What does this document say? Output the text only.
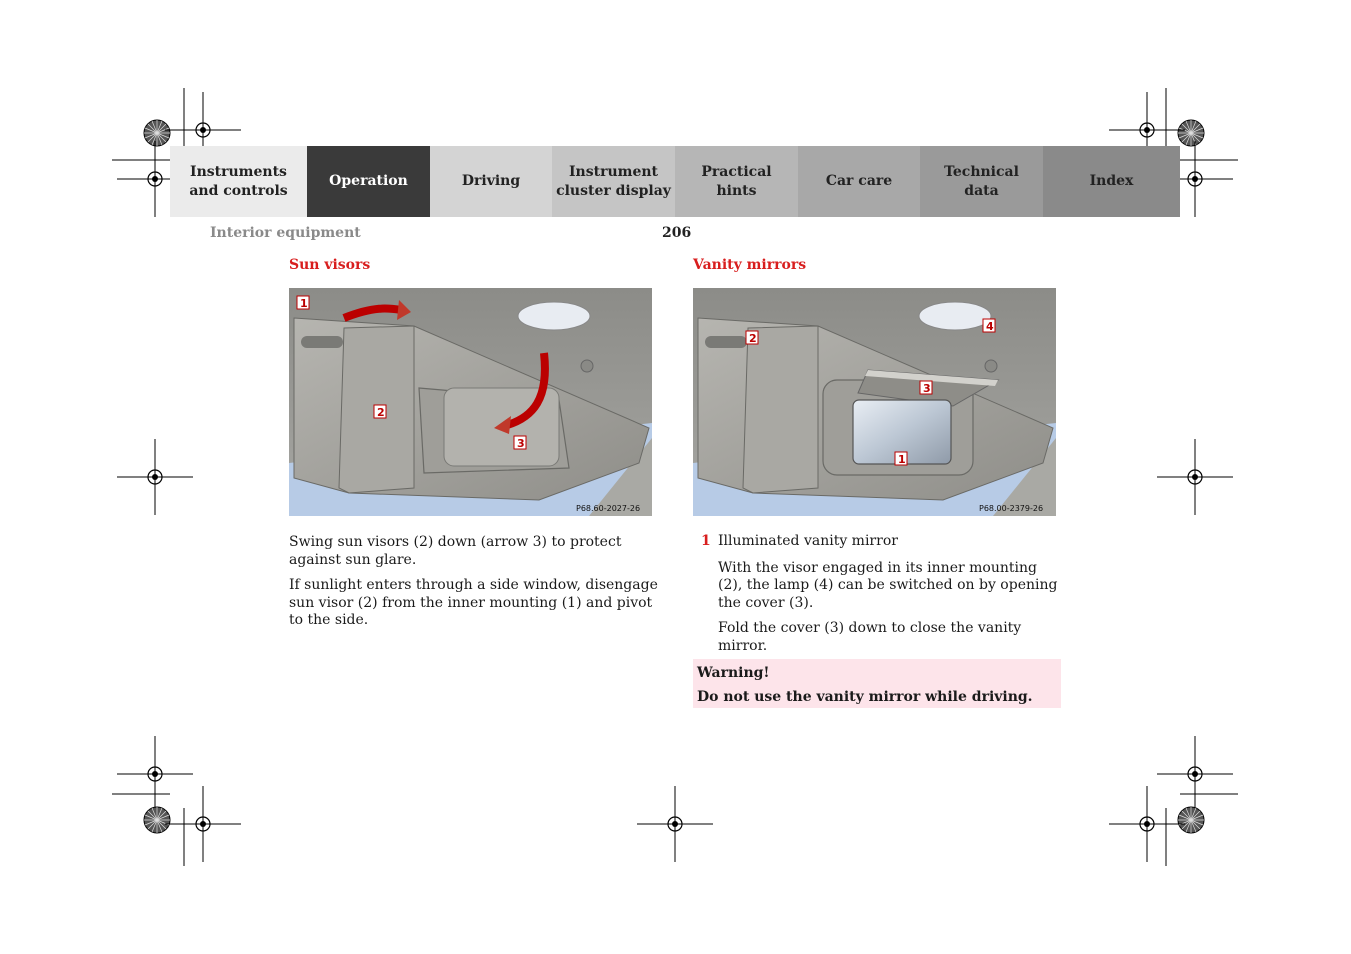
Instruments
and controls
Operation	Driving
Instrument
cluster display
Practical hints
Car care
Technical
data
Index
Interior equipment	206
Sun visors
1
2
3
P68.60-2027-26

Swing sun visors (2) down (arrow 3) to protect against sun glare.

If sunlight enters through a side window, disengage sun visor (2) from the inner mounting (1) and pivot to the side.

Vanity mirrors
4
2
3
1
P68.00-2379-26
1 Illuminated vanity mirror

With the visor engaged in its inner mounting (2), the lamp (4) can be switched on by opening the cover (3).

Fold the cover (3) down to close the vanity mirror.

Warning!
Do not use the vanity mirror while driving.
